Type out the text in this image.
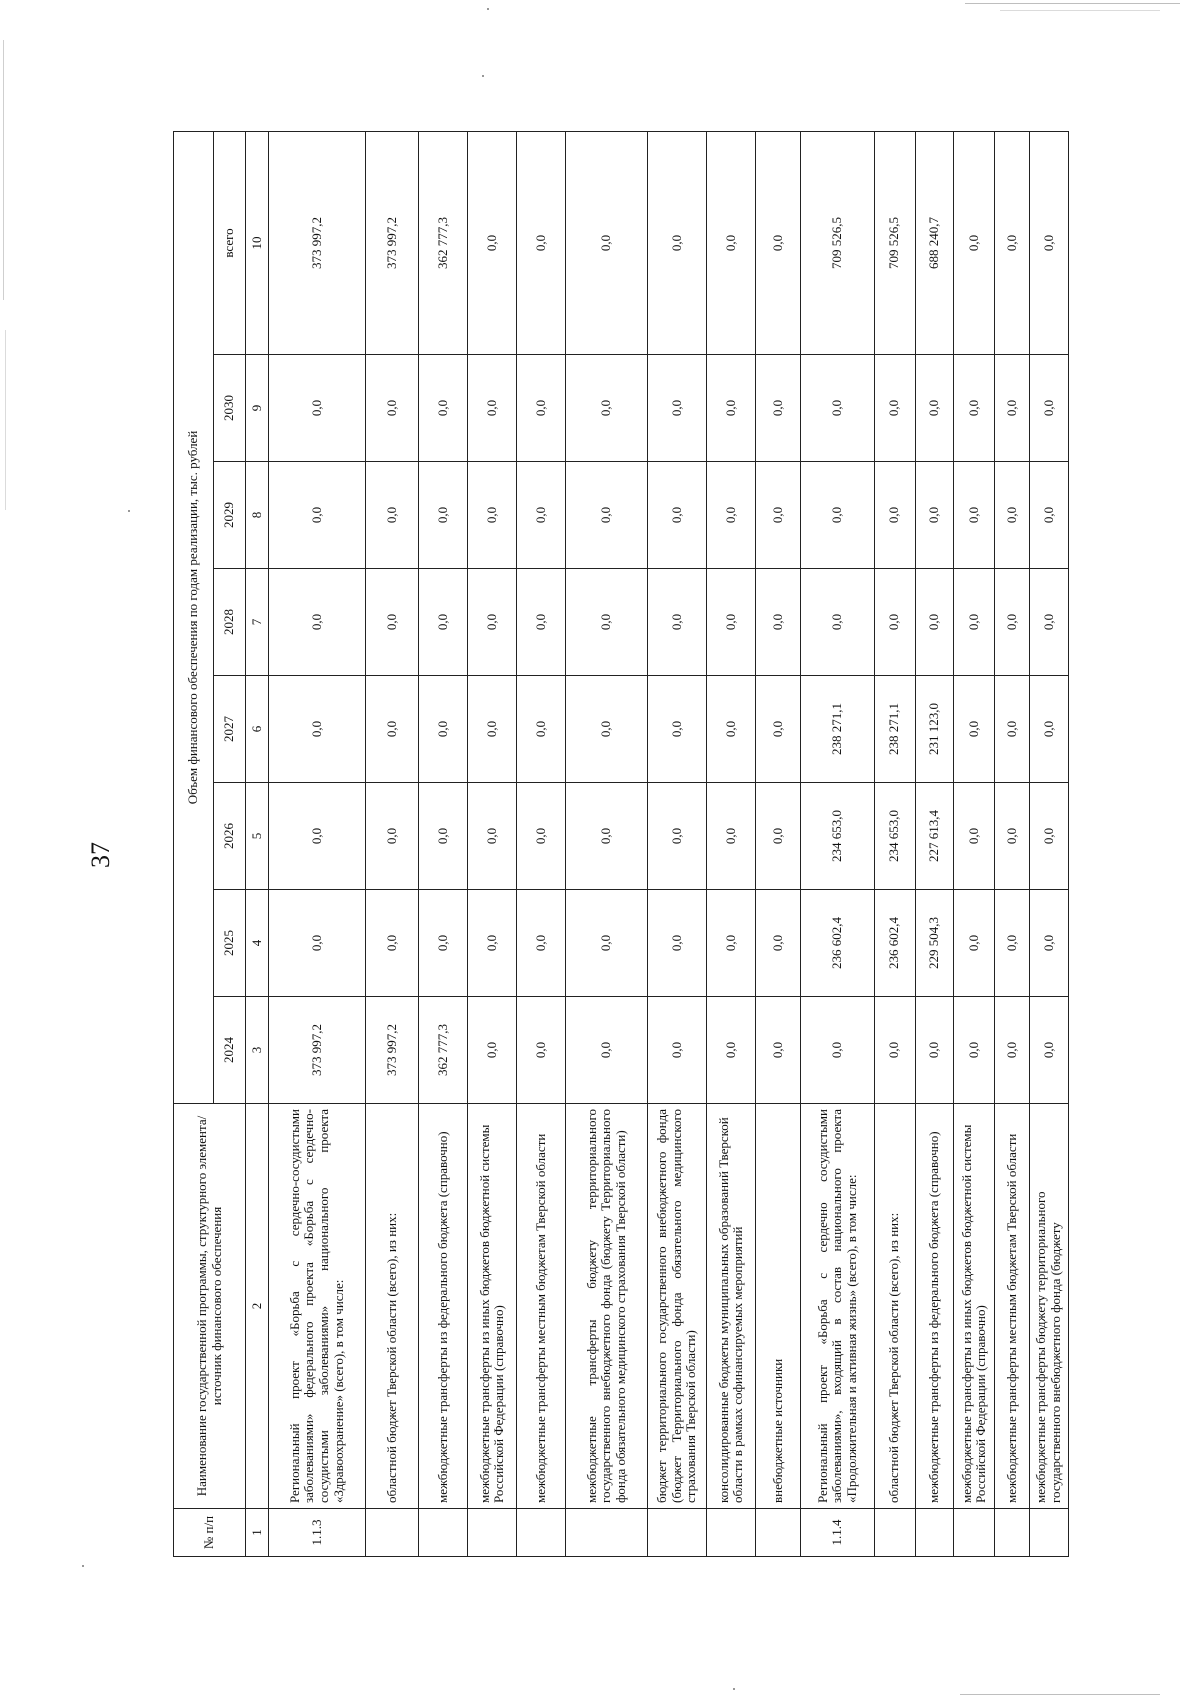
37
№ п/п	Наименование государственной программы, структурного элемента/источник финансового обеспечения	Объем финансового обеспечения по годам реализации, тыс. рублей							
		2024	2025	2026	2027	2028	2029	2030	всего
1	2	3	4	5	6	7	8	9	10
1.1.3	Региональный проект «Борьба с сердечно-сосудистыми заболеваниями» федерального проекта «Борьба с сердечно-сосудистыми заболеваниями» национального проекта «Здравоохранение» (всего), в том числе:	373 997,2	0,0	0,0	0,0	0,0	0,0	0,0	373 997,2
	областной бюджет Тверской области (всего), из них:	373 997,2	0,0	0,0	0,0	0,0	0,0	0,0	373 997,2
	межбюджетные трансферты из федерального бюджета (справочно)	362 777,3	0,0	0,0	0,0	0,0	0,0	0,0	362 777,3
	межбюджетные трансферты из иных бюджетов бюджетной системы Российской Федерации (справочно)	0,0	0,0	0,0	0,0	0,0	0,0	0,0	0,0
	межбюджетные трансферты местным бюджетам Тверской области	0,0	0,0	0,0	0,0	0,0	0,0	0,0	0,0
	межбюджетные трансферты бюджету территориального государственного внебюджетного фонда (бюджету Территориального фонда обязательного медицинского страхования Тверской области)	0,0	0,0	0,0	0,0	0,0	0,0	0,0	0,0
	бюджет территориального государственного внебюджетного фонда (бюджет Территориального фонда обязательного медицинского страхования Тверской области)	0,0	0,0	0,0	0,0	0,0	0,0	0,0	0,0
	консолидированные бюджеты муниципальных образований Тверской области в рамках софинансируемых мероприятий	0,0	0,0	0,0	0,0	0,0	0,0	0,0	0,0
	внебюджетные источники	0,0	0,0	0,0	0,0	0,0	0,0	0,0	0,0
1.1.4	Региональный проект «Борьба с сердечно сосудистыми заболеваниями», входящий в состав национального проекта «Продолжительная и активная жизнь» (всего), в том числе:	0,0	236 602,4	234 653,0	238 271,1	0,0	0,0	0,0	709 526,5
	областной бюджет Тверской области (всего), из них:	0,0	236 602,4	234 653,0	238 271,1	0,0	0,0	0,0	709 526,5
	межбюджетные трансферты из федерального бюджета (справочно)	0,0	229 504,3	227 613,4	231 123,0	0,0	0,0	0,0	688 240,7
	межбюджетные трансферты из иных бюджетов бюджетной системы Российской Федерации (справочно)	0,0	0,0	0,0	0,0	0,0	0,0	0,0	0,0
	межбюджетные трансферты местным бюджетам Тверской области	0,0	0,0	0,0	0,0	0,0	0,0	0,0	0,0
	межбюджетные трансферты бюджету территориального государственного внебюджетного фонда (бюджету	0,0	0,0	0,0	0,0	0,0	0,0	0,0	0,0
